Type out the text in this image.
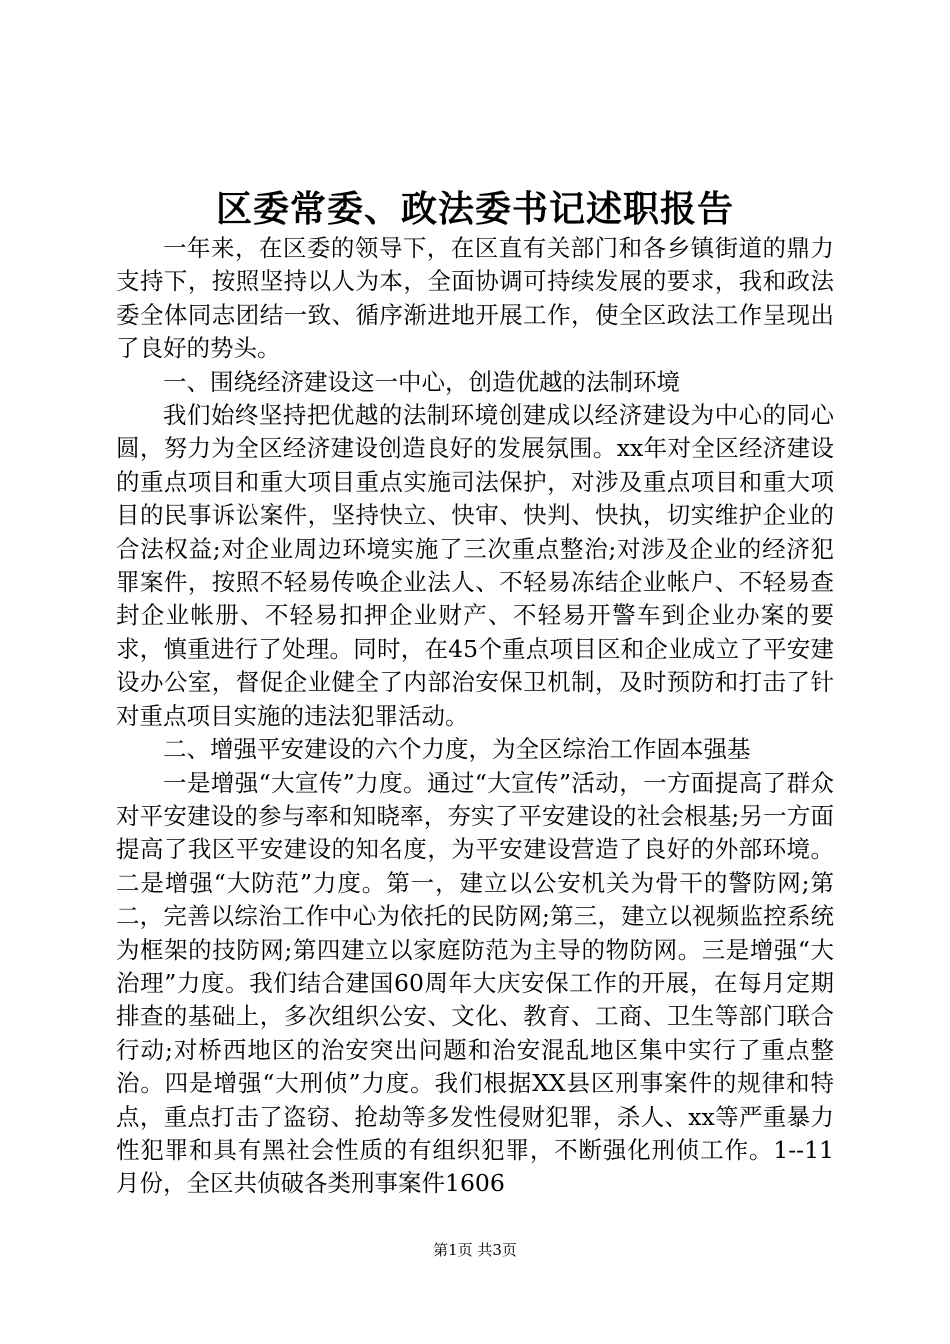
区委常委、政法委书记述职报告

一年来，在区委的领导下，在区直有关部门和各乡镇街道的鼎力支持下，按照坚持以人为本，全面协调可持续发展的要求，我和政法委全体同志团结一致、循序渐进地开展工作，使全区政法工作呈现出了良好的势头。

一、围绕经济建设这一中心，创造优越的法制环境

我们始终坚持把优越的法制环境创建成以经济建设为中心的同心圆，努力为全区经济建设创造良好的发展氛围。xx年对全区经济建设的重点项目和重大项目重点实施司法保护，对涉及重点项目和重大项目的民事诉讼案件，坚持快立、快审、快判、快执，切实维护企业的合法权益;对企业周边环境实施了三次重点整治;对涉及企业的经济犯罪案件，按照不轻易传唤企业法人、不轻易冻结企业帐户、不轻易查封企业帐册、不轻易扣押企业财产、不轻易开警车到企业办案的要求，慎重进行了处理。同时，在45个重点项目区和企业成立了平安建设办公室，督促企业健全了内部治安保卫机制，及时预防和打击了针对重点项目实施的违法犯罪活动。

二、增强平安建设的六个力度，为全区综治工作固本强基

一是增强“大宣传”力度。通过“大宣传”活动，一方面提高了群众对平安建设的参与率和知晓率，夯实了平安建设的社会根基;另一方面提高了我区平安建设的知名度，为平安建设营造了良好的外部环境。二是增强“大防范”力度。第一，建立以公安机关为骨干的警防网;第二，完善以综治工作中心为依托的民防网;第三，建立以视频监控系统为框架的技防网;第四建立以家庭防范为主导的物防网。三是增强“大治理”力度。我们结合建国60周年大庆安保工作的开展，在每月定期排查的基础上，多次组织公安、文化、教育、工商、卫生等部门联合行动;对桥西地区的治安突出问题和治安混乱地区集中实行了重点整治。四是增强“大刑侦”力度。我们根据XX县区刑事案件的规律和特点，重点打击了盗窃、抢劫等多发性侵财犯罪，杀人、xx等严重暴力性犯罪和具有黑社会性质的有组织犯罪，不断强化刑侦工作。1--11月份，全区共侦破各类刑事案件1606

第1页 共3页
